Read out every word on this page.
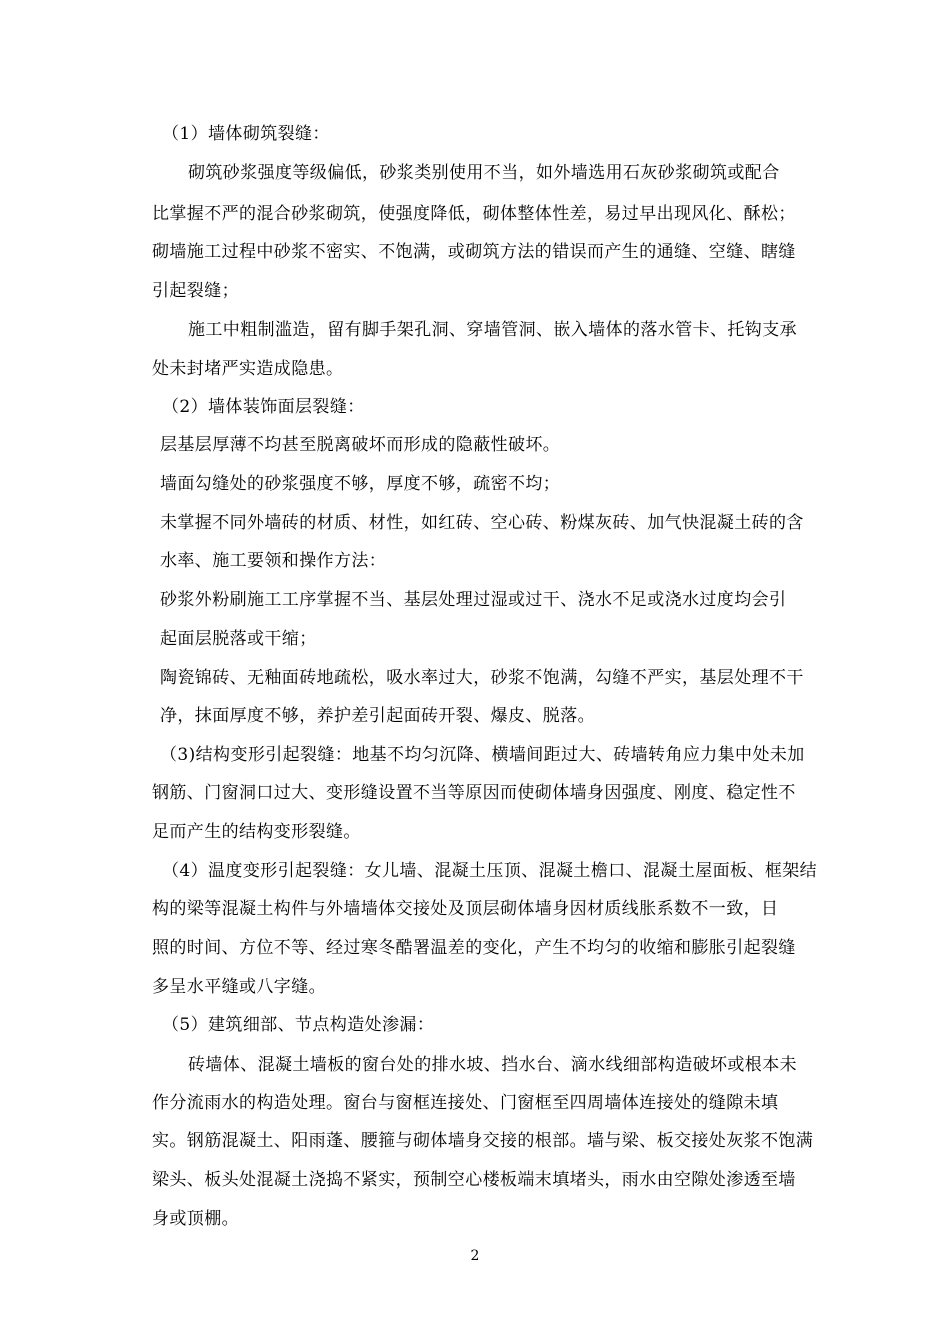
（1）墙体砌筑裂缝：
砌筑砂浆强度等级偏低，砂浆类别使用不当，如外墙选用石灰砂浆砌筑或配合
比掌握不严的混合砂浆砌筑，使强度降低，砌体整体性差，易过早出现风化、酥松；
砌墙施工过程中砂浆不密实、不饱满，或砌筑方法的错误而产生的通缝、空缝、瞎缝
引起裂缝；
施工中粗制滥造，留有脚手架孔洞、穿墙管洞、嵌入墙体的落水管卡、托钩支承
处未封堵严实造成隐患。
（2）墙体装饰面层裂缝：
层基层厚薄不均甚至脱离破坏而形成的隐蔽性破坏。
墙面勾缝处的砂浆强度不够，厚度不够，疏密不均；
未掌握不同外墙砖的材质、材性，如红砖、空心砖、粉煤灰砖、加气快混凝土砖的含
水率、施工要领和操作方法：
砂浆外粉刷施工工序掌握不当、基层处理过湿或过干、浇水不足或浇水过度均会引
起面层脱落或干缩；
陶瓷锦砖、无釉面砖地疏松，吸水率过大，砂浆不饱满，勾缝不严实，基层处理不干
净，抹面厚度不够，养护差引起面砖开裂、爆皮、脱落。
（3)结构变形引起裂缝：地基不均匀沉降、横墙间距过大、砖墙转角应力集中处未加
钢筋、门窗洞口过大、变形缝设置不当等原因而使砌体墙身因强度、刚度、稳定性不
足而产生的结构变形裂缝。
（4）温度变形引起裂缝：女儿墙、混凝土压顶、混凝土檐口、混凝土屋面板、框架结
构的梁等混凝土构件与外墙墙体交接处及顶层砌体墙身因材质线胀系数不一致，日
照的时间、方位不等、经过寒冬酷署温差的变化，产生不均匀的收缩和膨胀引起裂缝
多呈水平缝或八字缝。
（5）建筑细部、节点构造处渗漏：
砖墙体、混凝土墙板的窗台处的排水坡、挡水台、滴水线细部构造破坏或根本未
作分流雨水的构造处理。窗台与窗框连接处、门窗框至四周墙体连接处的缝隙未填
实。钢筋混凝土、阳雨蓬、腰箍与砌体墙身交接的根部。墙与梁、板交接处灰浆不饱满
梁头、板头处混凝土浇捣不紧实，预制空心楼板端末填堵头，雨水由空隙处渗透至墙
身或顶棚。
2
